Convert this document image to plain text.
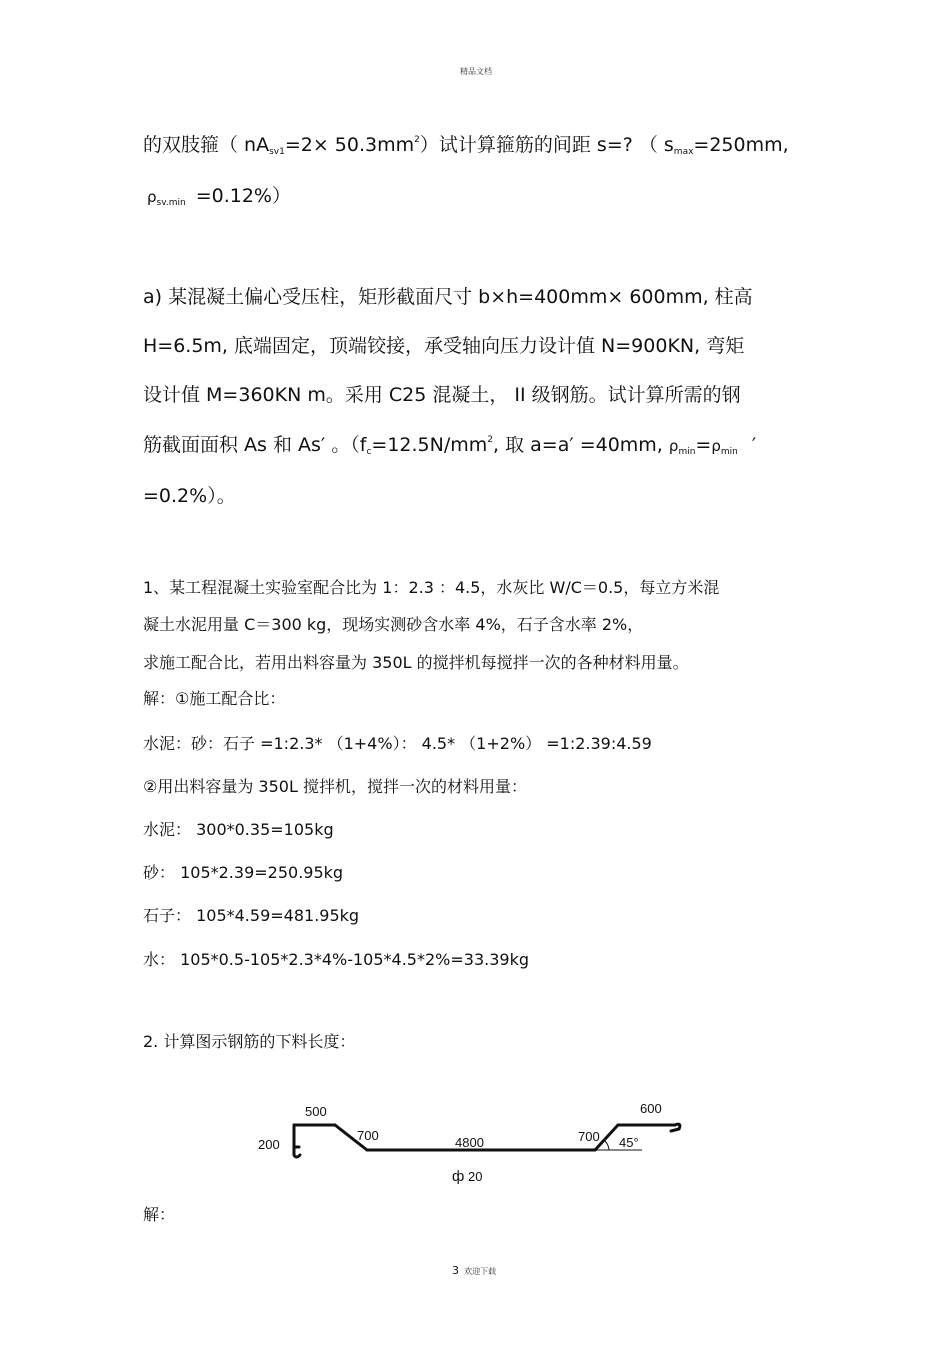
精品文档
的双肢箍（ $nA_{sv1}=2\times 50.3mm^2$）试计算箍筋的间距 s=? （ $s_{max}=250mm$,
$\rho_{sv.min} =0.12\%$）
a) 某混凝土偏心受压柱，矩形截面尺寸 b×h=400mm× 600mm, 柱高
H=6.5m, 底端固定，顶端铰接，承受轴向压力设计值 N=900KN, 弯矩
设计值 M=360KN m。采用 C25 混凝土， II 级钢筋。试计算所需的钢
筋截面面积 As 和 As′ 。（$f_c=12.5N/mm^2$, 取 a=a′ =40mm, $\rho_{min}=\rho_{min}$ ′
=0.2%）。
1、某工程混凝土实验室配合比为 1：2.3 ：4.5，水灰比 W/C＝0.5，每立方米混
凝土水泥用量 C＝300 kg，现场实测砂含水率 4%，石子含水率 2%，
求施工配合比，若用出料容量为 350L 的搅拌机每搅拌一次的各种材料用量。
解：①施工配合比：
水泥：砂：石子 =1:2.3* （1+4%）： 4.5* （1+2%） =1:2.39:4.59
②用出料容量为 350L 搅拌机，搅拌一次的材料用量：
水泥： 300*0.35=105kg
砂： 105*2.39=250.95kg
石子： 105*4.59=481.95kg
水： 105*0.5-105*2.3*4%-105*4.5*2%=33.39kg
2. 计算图示钢筋的下料长度：
500	600
200
700	4800	700 45°
ф 20
解：
3 欢迎下载
